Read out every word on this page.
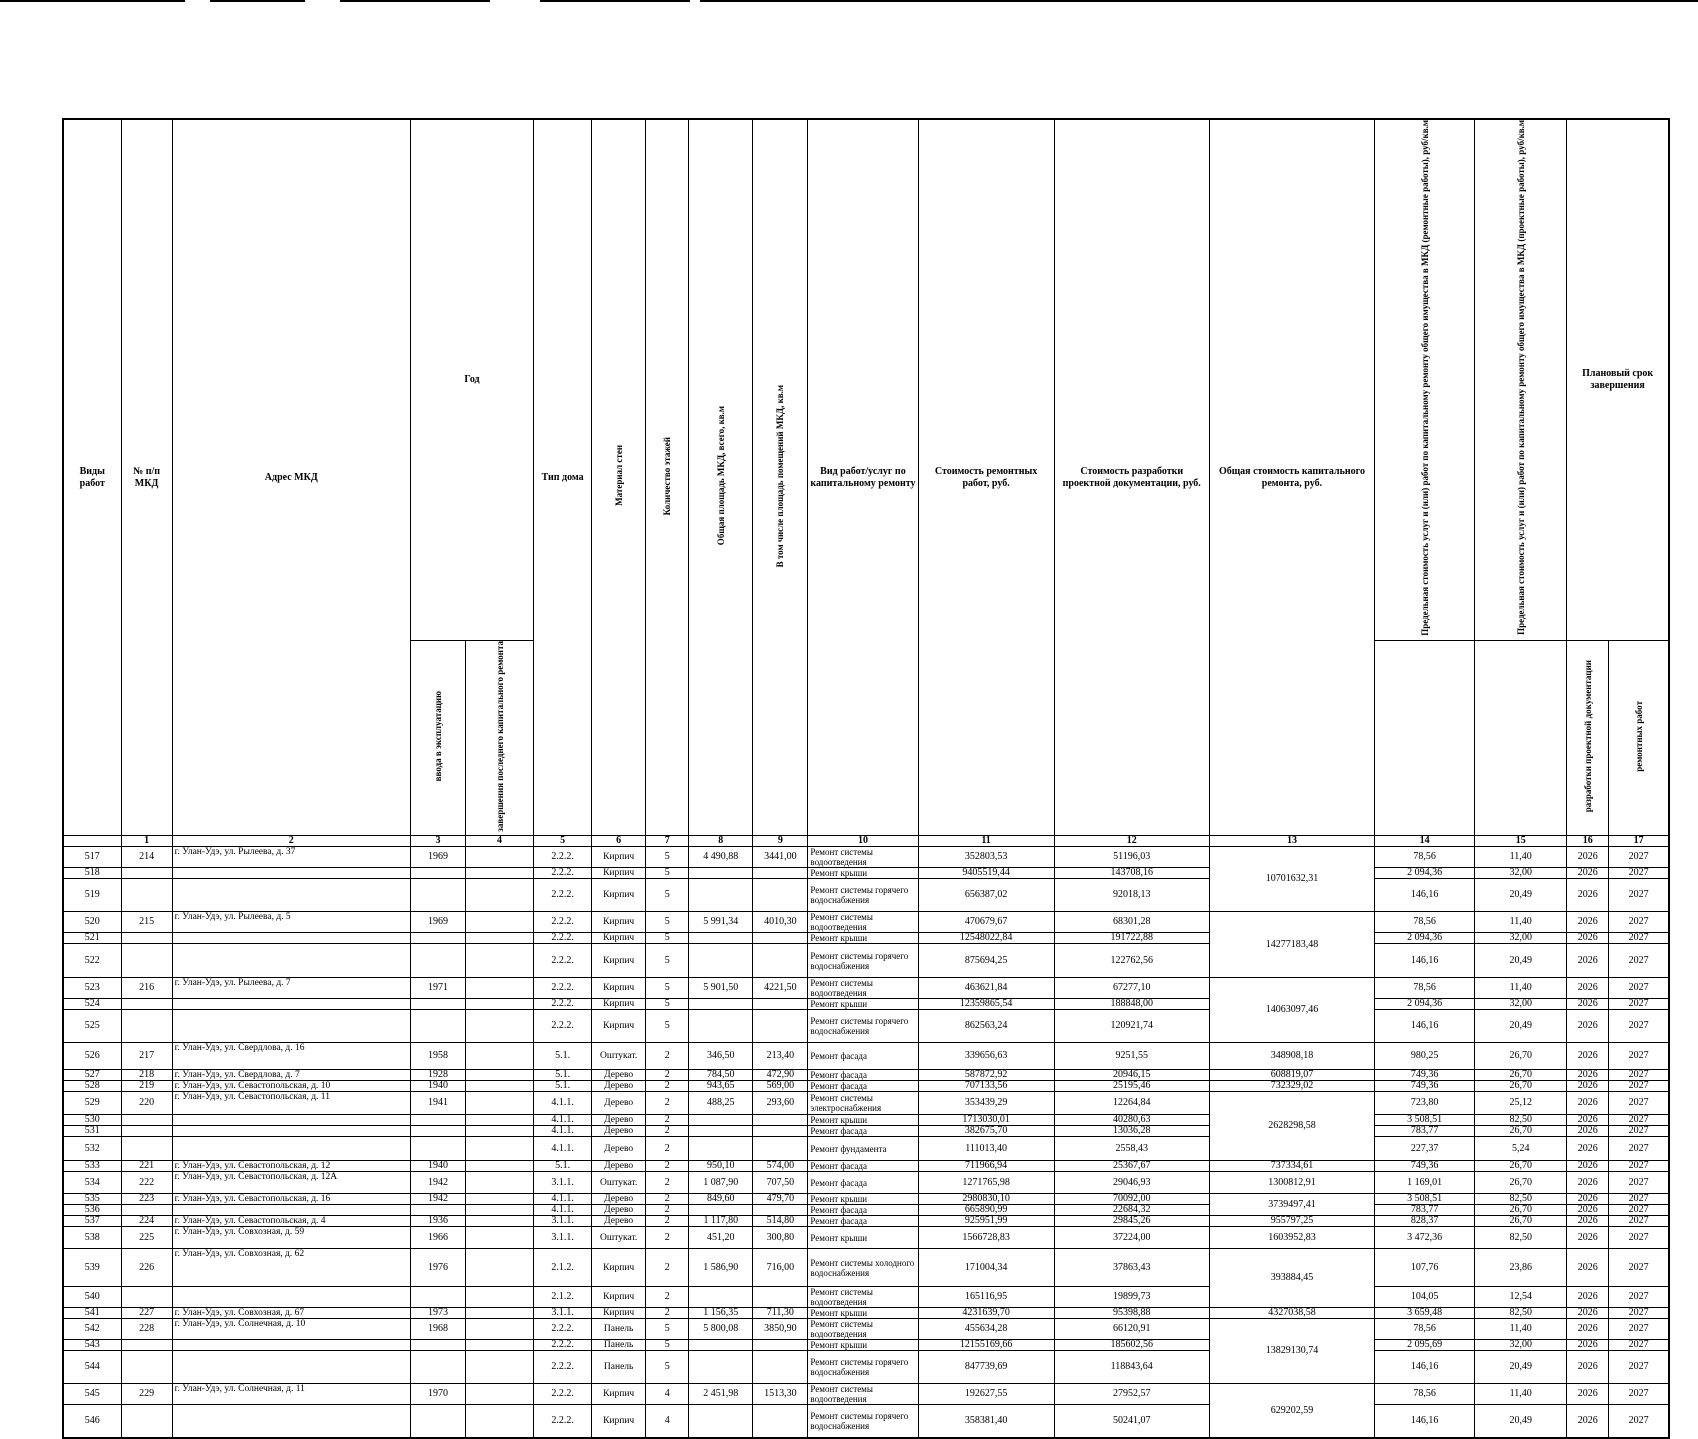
Виды работ	№ п/п МКД	Адрес МКД	Год		Тип дома	Материал стен	Количество этажей	Общая площадь МКД, всего, кв.м	В том числе площадь помещений МКД, кв.м	Вид работ/услуг по капитальному ремонту	Стоимость ремонтных работ, руб.	Стоимость разработки проектной документации, руб.	Общая стоимость капитального ремонта, руб.	Предельная стоимость услуг и (или) работ по капитальному ремонту общего имущества в МКД (ремонтные работы), руб/кв.м	Предельная стоимость услуг и (или) работ по капитальному ремонту общего имущества в МКД (проектные работы), руб/кв.м	Плановый срок завершения	
			ввода в эксплуатацию	завершения последнего капитального ремонта												разработки проектной документации	ремонтных работ
	1	2	3	4	5	6	7	8	9	10	11	12	13	14	15	16	17
517	214	г. Улан-Удэ, ул. Рылеева, д. 37	1969		2.2.2.	Кирпич	5	4 490,88	3441,00	Ремонт системы водоотведения	352803,53	51196,03	10701632,31	78,56	11,40	2026	2027
518					2.2.2.	Кирпич	5			Ремонт крыши	9405519,44	143708,16		2 094,36	32,00	2026	2027
519					2.2.2.	Кирпич	5			Ремонт системы горячего водоснабжения	656387,02	92018,13		146,16	20,49	2026	2027
520	215	г. Улан-Удэ, ул. Рылеева, д. 5	1969		2.2.2.	Кирпич	5	5 991,34	4010,30	Ремонт системы водоотведения	470679,67	68301,28	14277183,48	78,56	11,40	2026	2027
521					2.2.2.	Кирпич	5			Ремонт крыши	12548022,84	191722,88		2 094,36	32,00	2026	2027
522					2.2.2.	Кирпич	5			Ремонт системы горячего водоснабжения	875694,25	122762,56		146,16	20,49	2026	2027
523	216	г. Улан-Удэ, ул. Рылеева, д. 7	1971		2.2.2.	Кирпич	5	5 901,50	4221,50	Ремонт системы водоотведения	463621,84	67277,10	14063097,46	78,56	11,40	2026	2027
524					2.2.2.	Кирпич	5			Ремонт крыши	12359865,54	188848,00		2 094,36	32,00	2026	2027
525					2.2.2.	Кирпич	5			Ремонт системы горячего водоснабжения	862563,24	120921,74		146,16	20,49	2026	2027
526	217	г. Улан-Удэ, ул. Свердлова, д. 16	1958		5.1.	Оштукат.	2	346,50	213,40	Ремонт фасада	339656,63	9251,55	348908,18	980,25	26,70	2026	2027
527	218	г. Улан-Удэ, ул. Свердлова, д. 7	1928		5.1.	Дерево	2	784,50	472,90	Ремонт фасада	587872,92	20946,15	608819,07	749,36	26,70	2026	2027
528	219	г. Улан-Удэ, ул. Севастопольская, д. 10	1940		5.1.	Дерево	2	943,65	569,00	Ремонт фасада	707133,56	25195,46	732329,02	749,36	26,70	2026	2027
529	220	г. Улан-Удэ, ул. Севастопольская, д. 11	1941		4.1.1.	Дерево	2	488,25	293,60	Ремонт системы электроснабжения	353439,29	12264,84	2628298,58	723,80	25,12	2026	2027
530					4.1.1.	Дерево	2			Ремонт крыши	1713030,01	40280,63		3 508,51	82,50	2026	2027
531					4.1.1.	Дерево	2			Ремонт фасада	382675,70	13036,28		783,77	26,70	2026	2027
532					4.1.1.	Дерево	2			Ремонт фундамента	111013,40	2558,43		227,37	5,24	2026	2027
533	221	г. Улан-Удэ, ул. Севастопольская, д. 12	1940		5.1.	Дерево	2	950,10	574,00	Ремонт фасада	711966,94	25367,67	737334,61	749,36	26,70	2026	2027
534	222	г. Улан-Удэ, ул. Севастопольская, д. 12А	1942		3.1.1.	Оштукат.	2	1 087,90	707,50	Ремонт фасада	1271765,98	29046,93	1300812,91	1 169,01	26,70	2026	2027
535	223	г. Улан-Удэ, ул. Севастопольская, д. 16	1942		4.1.1.	Дерево	2	849,60	479,70	Ремонт крыши	2980830,10	70092,00	3739497,41	3 508,51	82,50	2026	2027
536					4.1.1.	Дерево	2			Ремонт фасада	665890,99	22684,32		783,77	26,70	2026	2027
537	224	г. Улан-Удэ, ул. Севастопольская, д. 4	1936		3.1.1.	Дерево	2	1 117,80	514,80	Ремонт фасада	925951,99	29845,26	955797,25	828,37	26,70	2026	2027
538	225	г. Улан-Удэ, ул. Совхозная, д. 59	1966		3.1.1.	Оштукат.	2	451,20	300,80	Ремонт крыши	1566728,83	37224,00	1603952,83	3 472,36	82,50	2026	2027
539	226	г. Улан-Удэ, ул. Совхозная, д. 62	1976		2.1.2.	Кирпич	2	1 586,90	716,00	Ремонт системы холодного водоснабжения	171004,34	37863,43	393884,45	107,76	23,86	2026	2027
540					2.1.2.	Кирпич	2			Ремонт системы водоотведения	165116,95	19899,73		104,05	12,54	2026	2027
541	227	г. Улан-Удэ, ул. Совхозная, д. 67	1973		3.1.1.	Кирпич	2	1 156,35	711,30	Ремонт крыши	4231639,70	95398,88	4327038,58	3 659,48	82,50	2026	2027
542	228	г. Улан-Удэ, ул. Солнечная, д. 10	1968		2.2.2.	Панель	5	5 800,08	3850,90	Ремонт системы водоотведения	455634,28	66120,91	13829130,74	78,56	11,40	2026	2027
543					2.2.2.	Панель	5			Ремонт крыши	12155169,66	185602,56		2 095,69	32,00	2026	2027
544					2.2.2.	Панель	5			Ремонт системы горячего водоснабжения	847739,69	118843,64		146,16	20,49	2026	2027
545	229	г. Улан-Удэ, ул. Солнечная, д. 11	1970		2.2.2.	Кирпич	4	2 451,98	1513,30	Ремонт системы водоотведения	192627,55	27952,57	629202,59	78,56	11,40	2026	2027
546					2.2.2.	Кирпич	4			Ремонт системы горячего водоснабжения	358381,40	50241,07		146,16	20,49	2026	2027
